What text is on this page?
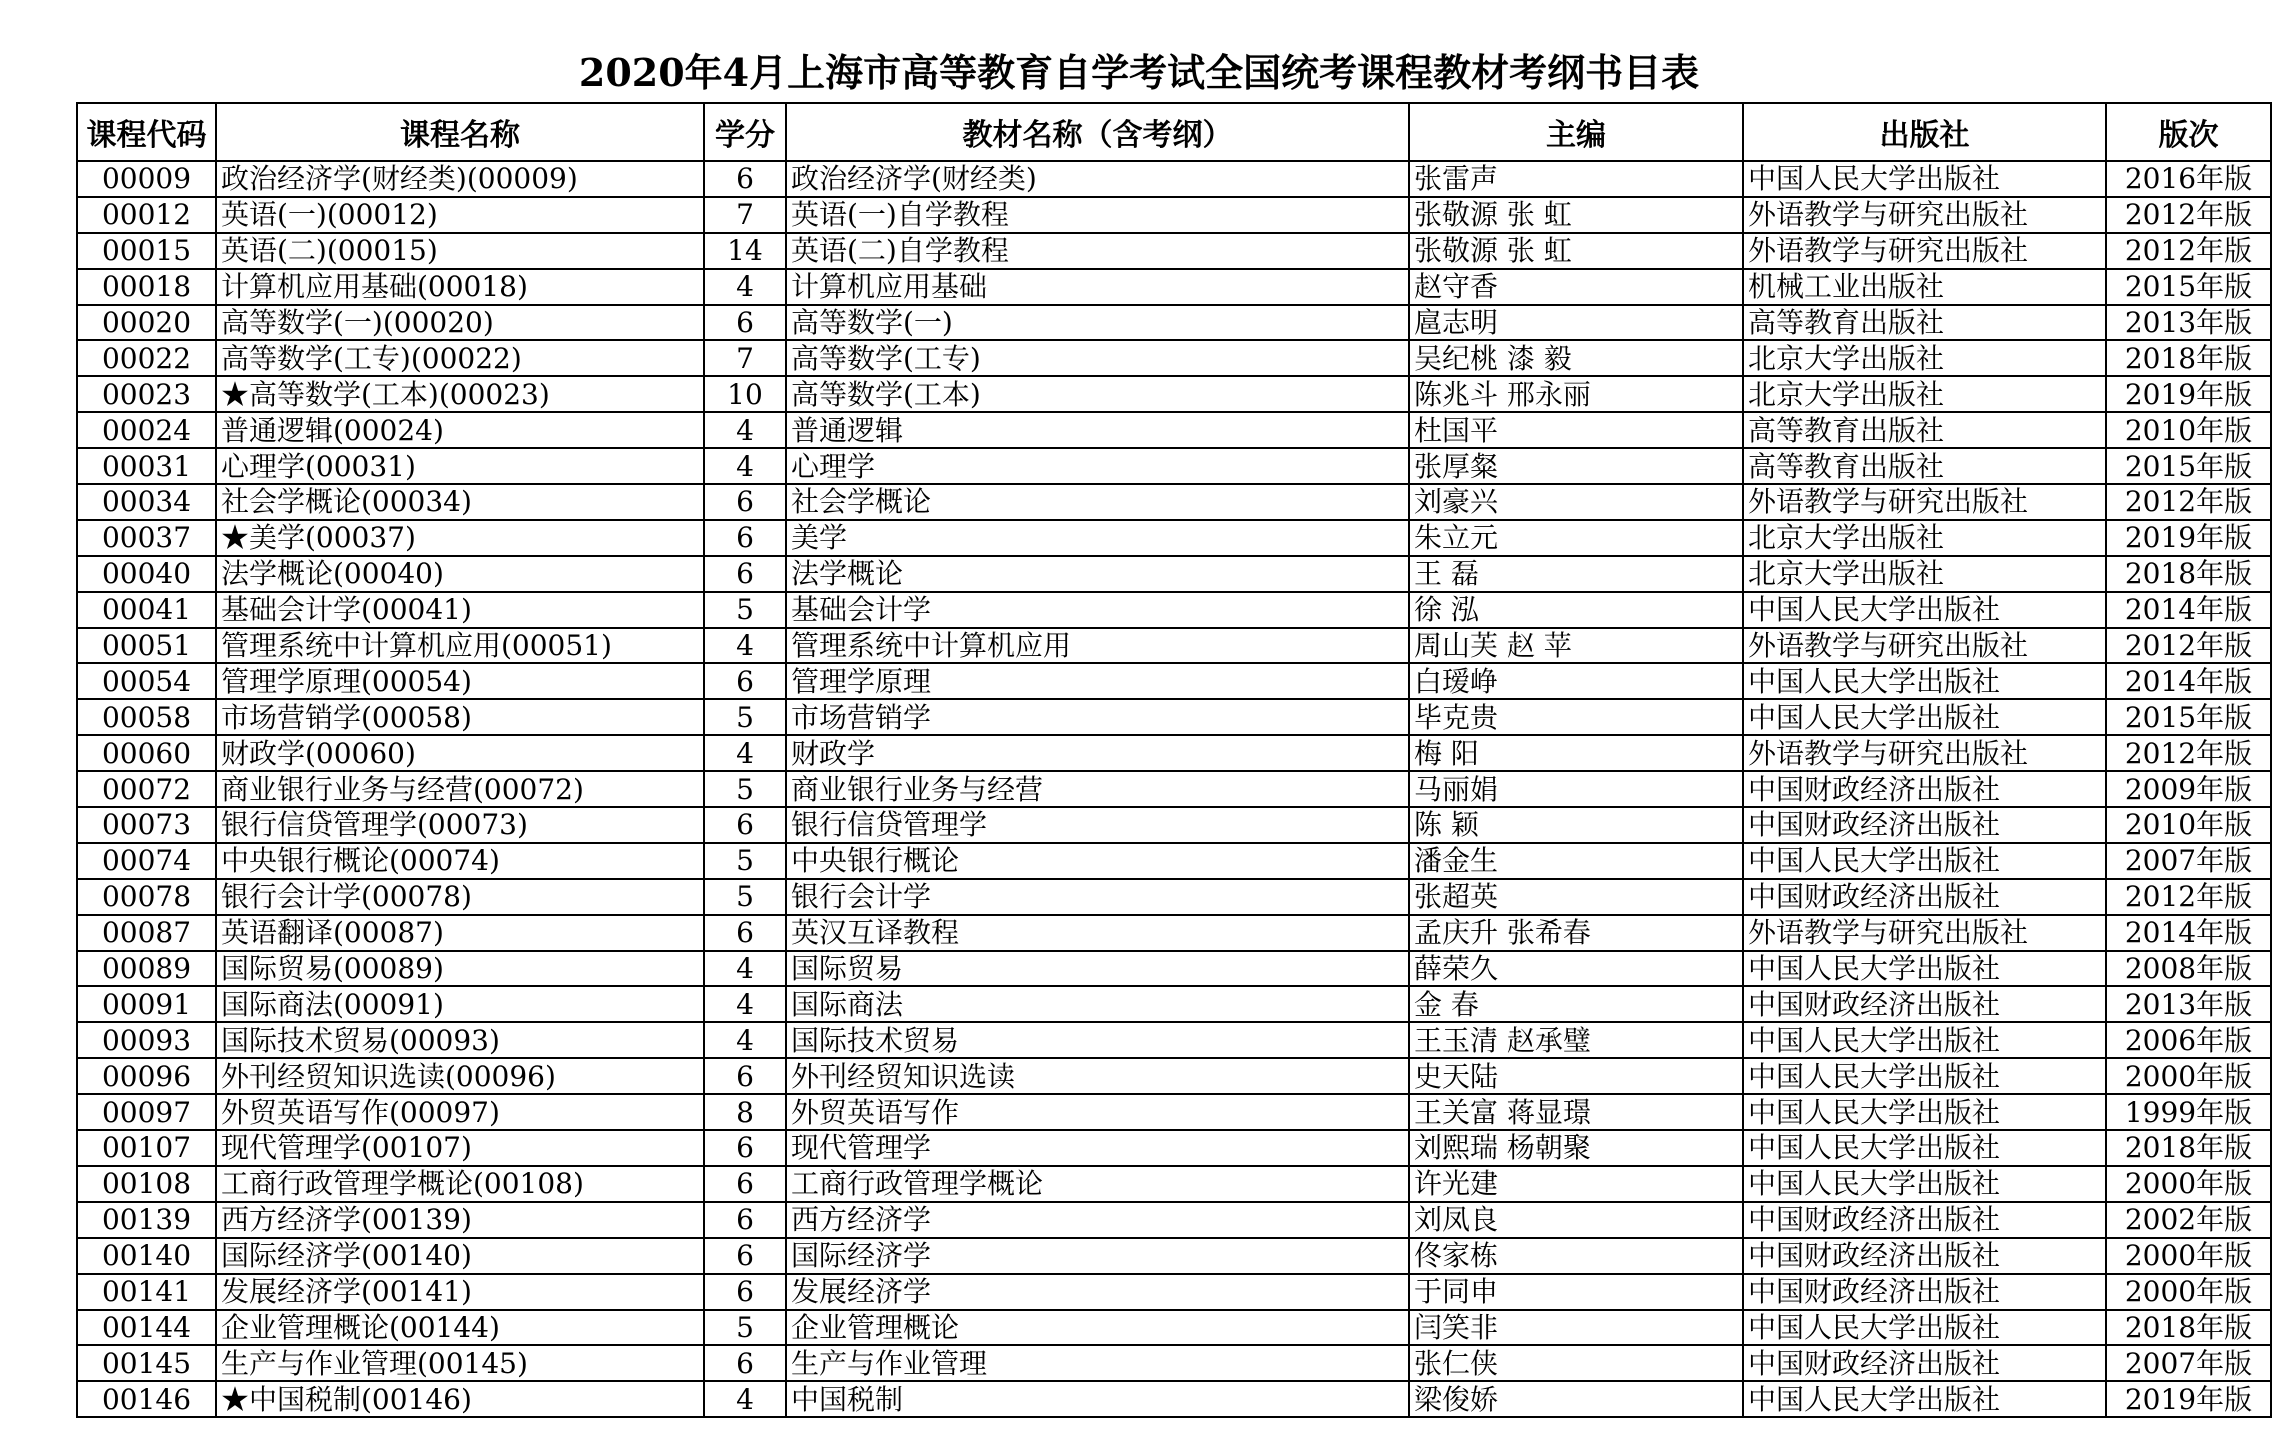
2020年4月上海市高等教育自学考试全国统考课程教材考纲书目表
课程代码	课程名称	学分	教材名称（含考纲）	主编	出版社	版次
00009	政治经济学(财经类)(00009)	6	政治经济学(财经类)	张雷声	中国人民大学出版社	2016年版
00012	英语(一)(00012)	7	英语(一)自学教程	张敬源 张 虹	外语教学与研究出版社	2012年版
00015	英语(二)(00015)	14	英语(二)自学教程	张敬源 张 虹	外语教学与研究出版社	2012年版
00018	计算机应用基础(00018)	4	计算机应用基础	赵守香	机械工业出版社	2015年版
00020	高等数学(一)(00020)	6	高等数学(一)	扈志明	高等教育出版社	2013年版
00022	高等数学(工专)(00022)	7	高等数学(工专)	吴纪桃 漆 毅	北京大学出版社	2018年版
00023	★高等数学(工本)(00023)	10	高等数学(工本)	陈兆斗 邢永丽	北京大学出版社	2019年版
00024	普通逻辑(00024)	4	普通逻辑	杜国平	高等教育出版社	2010年版
00031	心理学(00031)	4	心理学	张厚粲	高等教育出版社	2015年版
00034	社会学概论(00034)	6	社会学概论	刘豪兴	外语教学与研究出版社	2012年版
00037	★美学(00037)	6	美学	朱立元	北京大学出版社	2019年版
00040	法学概论(00040)	6	法学概论	王 磊	北京大学出版社	2018年版
00041	基础会计学(00041)	5	基础会计学	徐 泓	中国人民大学出版社	2014年版
00051	管理系统中计算机应用(00051)	4	管理系统中计算机应用	周山芙 赵 苹	外语教学与研究出版社	2012年版
00054	管理学原理(00054)	6	管理学原理	白瑷峥	中国人民大学出版社	2014年版
00058	市场营销学(00058)	5	市场营销学	毕克贵	中国人民大学出版社	2015年版
00060	财政学(00060)	4	财政学	梅 阳	外语教学与研究出版社	2012年版
00072	商业银行业务与经营(00072)	5	商业银行业务与经营	马丽娟	中国财政经济出版社	2009年版
00073	银行信贷管理学(00073)	6	银行信贷管理学	陈 颖	中国财政经济出版社	2010年版
00074	中央银行概论(00074)	5	中央银行概论	潘金生	中国人民大学出版社	2007年版
00078	银行会计学(00078)	5	银行会计学	张超英	中国财政经济出版社	2012年版
00087	英语翻译(00087)	6	英汉互译教程	孟庆升 张希春	外语教学与研究出版社	2014年版
00089	国际贸易(00089)	4	国际贸易	薛荣久	中国人民大学出版社	2008年版
00091	国际商法(00091)	4	国际商法	金 春	中国财政经济出版社	2013年版
00093	国际技术贸易(00093)	4	国际技术贸易	王玉清 赵承璧	中国人民大学出版社	2006年版
00096	外刊经贸知识选读(00096)	6	外刊经贸知识选读	史天陆	中国人民大学出版社	2000年版
00097	外贸英语写作(00097)	8	外贸英语写作	王关富 蒋显璟	中国人民大学出版社	1999年版
00107	现代管理学(00107)	6	现代管理学	刘熙瑞 杨朝聚	中国人民大学出版社	2018年版
00108	工商行政管理学概论(00108)	6	工商行政管理学概论	许光建	中国人民大学出版社	2000年版
00139	西方经济学(00139)	6	西方经济学	刘凤良	中国财政经济出版社	2002年版
00140	国际经济学(00140)	6	国际经济学	佟家栋	中国财政经济出版社	2000年版
00141	发展经济学(00141)	6	发展经济学	于同申	中国财政经济出版社	2000年版
00144	企业管理概论(00144)	5	企业管理概论	闫笑非	中国人民大学出版社	2018年版
00145	生产与作业管理(00145)	6	生产与作业管理	张仁侠	中国财政经济出版社	2007年版
00146	★中国税制(00146)	4	中国税制	梁俊娇	中国人民大学出版社	2019年版
